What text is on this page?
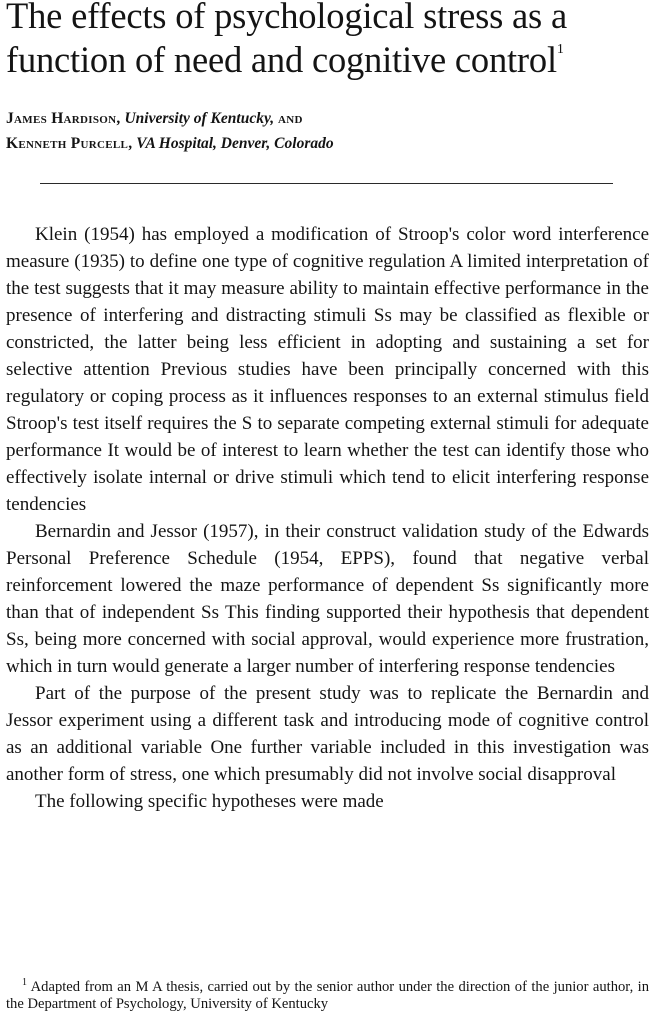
The effects of psychological stress as a
function of need and cognitive control$^1$
James Hardison, University of Kentucky, and
Kenneth Purcell, VA Hospital, Denver, Colorado

Klein (1954) has employed a modification of Stroop's color word interference measure (1935) to define one type of cognitive regulation A limited interpretation of the test suggests that it may measure ability to maintain effective performance in the presence of interfering and distracting stimuli Ss may be classified as flexible or constricted, the latter being less efficient in adopting and sustaining a set for selective attention Previous studies have been principally concerned with this regulatory or coping process as it influences responses to an external stimulus field Stroop's test itself requires the S to separate competing external stimuli for adequate performance It would be of interest to learn whether the test can identify those who effectively isolate internal or drive stimuli which tend to elicit interfering response tendencies

Bernardin and Jessor (1957), in their construct validation study of the Edwards Personal Preference Schedule (1954, EPPS), found that negative verbal reinforcement lowered the maze performance of dependent Ss significantly more than that of independent Ss This finding supported their hypothesis that dependent Ss, being more concerned with social approval, would experience more frustration, which in turn would generate a larger number of interfering response tendencies

Part of the purpose of the present study was to replicate the Bernardin and Jessor experiment using a different task and introducing mode of cognitive control as an additional variable One further variable included in this investigation was another form of stress, one which presumably did not involve social disapproval

The following specific hypotheses were made

$^1$ Adapted from an M A thesis, carried out by the senior author under the direction of the junior author, in the Department of Psychology, University of Kentucky
